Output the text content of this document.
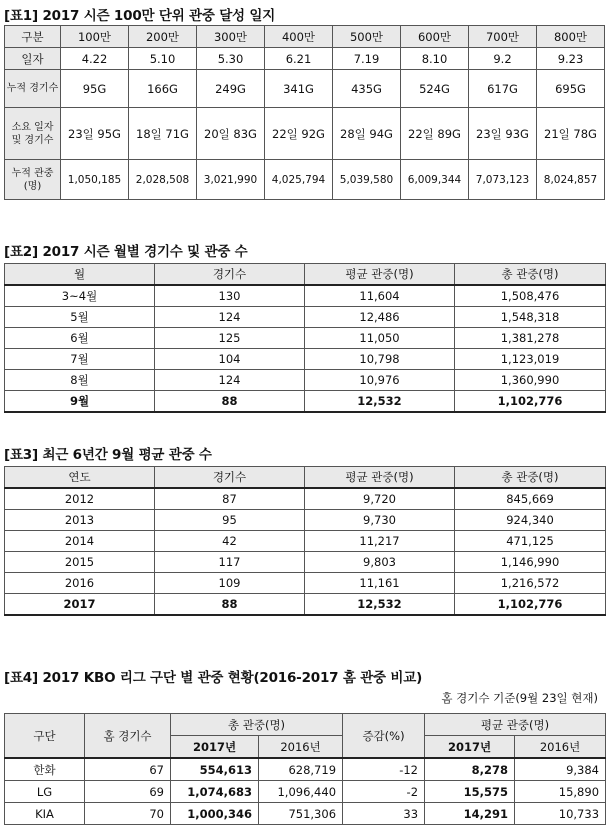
[표1] 2017 시즌 100만 단위 관중 달성 일지
구분	100만	200만	300만	400만	500만	600만	700만	800만
일자	4.22	5.10	5.30	6.21	7.19	8.10	9.2	9.23
누적 경기수	95G	166G	249G	341G	435G	524G	617G	695G
소요 일자 및 경기수	23일 95G	18일 71G	20일 83G	22일 92G	28일 94G	22일 89G	23일 93G	21일 78G
누적 관중(명)	1,050,185	2,028,508	3,021,990	4,025,794	5,039,580	6,009,344	7,073,123	8,024,857
[표2] 2017 시즌 월별 경기수 및 관중 수
월	경기수	평균 관중(명)	총 관중(명)
3~4월	130	11,604	1,508,476
5월	124	12,486	1,548,318
6월	125	11,050	1,381,278
7월	104	10,798	1,123,019
8월	124	10,976	1,360,990
9월	88	12,532	1,102,776
[표3] 최근 6년간 9월 평균 관중 수
연도	경기수	평균 관중(명)	총 관중(명)
2012	87	9,720	845,669
2013	95	9,730	924,340
2014	42	11,217	471,125
2015	117	9,803	1,146,990
2016	109	11,161	1,216,572
2017	88	12,532	1,102,776
[표4] 2017 KBO 리그 구단 별 관중 현황(2016-2017 홈 관중 비교)
홈 경기수 기준(9월 23일 현재)
구단	홈 경기수	총 관중(명)		증감(%)	평균 관중(명)	
		2017년	2016년		2017년	2016년
한화	67	554,613	628,719	-12	8,278	9,384
LG	69	1,074,683	1,096,440	-2	15,575	15,890
KIA	70	1,000,346	751,306	33	14,291	10,733
